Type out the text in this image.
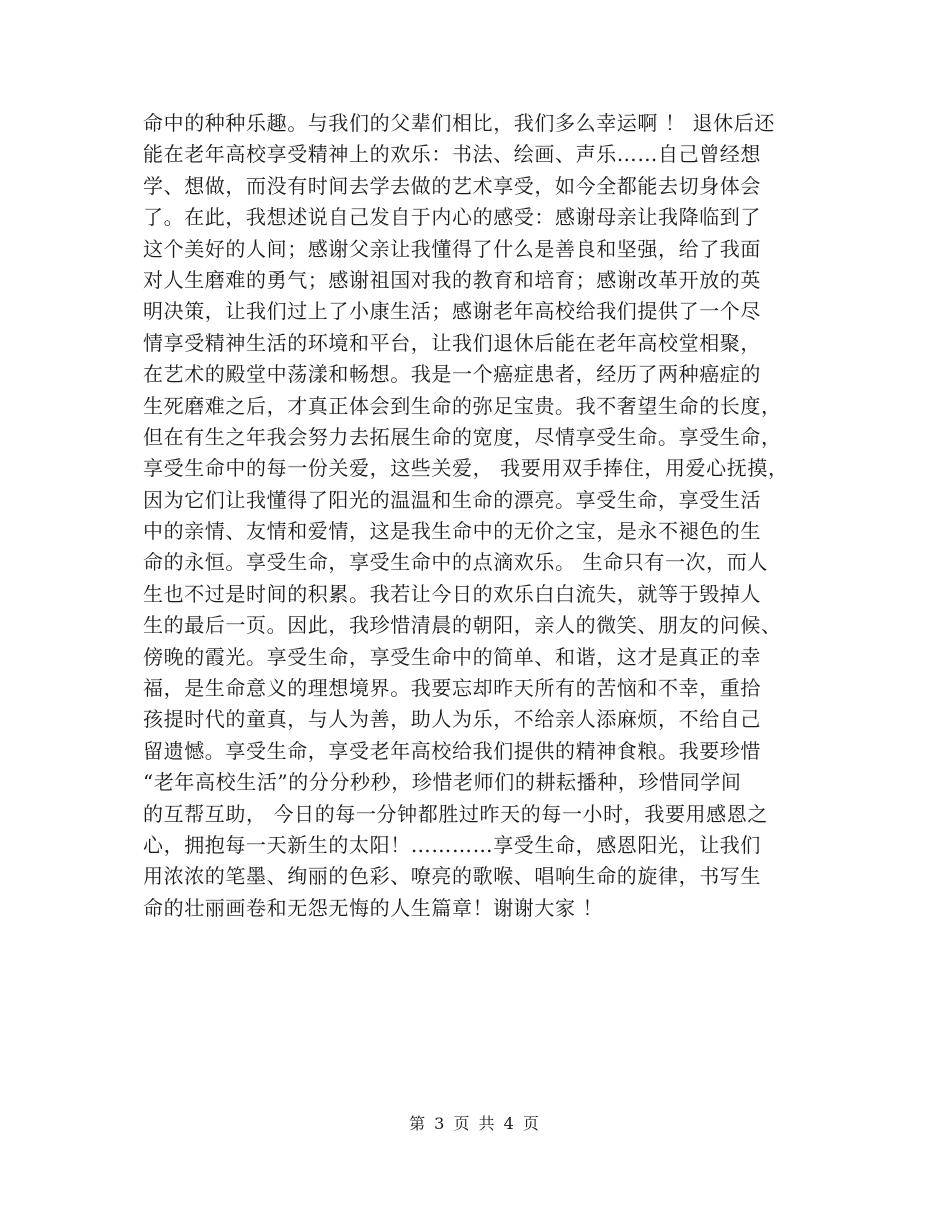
命中的种种乐趣。与我们的父辈们相比，我们多么幸运啊 ！ 退休后还
能在老年高校享受精神上的欢乐：书法、绘画、声乐……自己曾经想
学、想做，而没有时间去学去做的艺术享受，如今全都能去切身体会
了。在此，我想述说自己发自于内心的感受：感谢母亲让我降临到了
这个美好的人间；感谢父亲让我懂得了什么是善良和坚强，给了我面
对人生磨难的勇气；感谢祖国对我的教育和培育；感谢改革开放的英
明决策，让我们过上了小康生活；感谢老年高校给我们提供了一个尽
情享受精神生活的环境和平台，让我们退休后能在老年高校堂相聚，
在艺术的殿堂中荡漾和畅想。我是一个癌症患者，经历了两种癌症的
生死磨难之后，才真正体会到生命的弥足宝贵。我不奢望生命的长度，
但在有生之年我会努力去拓展生命的宽度，尽情享受生命。享受生命，
享受生命中的每一份关爱，这些关爱， 我要用双手捧住，用爱心抚摸，
因为它们让我懂得了阳光的温温和生命的漂亮。享受生命，享受生活
中的亲情、友情和爱情，这是我生命中的无价之宝，是永不褪色的生
命的永恒。享受生命，享受生命中的点滴欢乐。 生命只有一次，而人
生也不过是时间的积累。我若让今日的欢乐白白流失，就等于毁掉人
生的最后一页。因此，我珍惜清晨的朝阳，亲人的微笑、朋友的问候、
傍晚的霞光。享受生命，享受生命中的简单、和谐，这才是真正的幸
福，是生命意义的理想境界。我要忘却昨天所有的苦恼和不幸，重拾
孩提时代的童真，与人为善，助人为乐，不给亲人添麻烦，不给自己
留遗憾。享受生命，享受老年高校给我们提供的精神食粮。我要珍惜
“老年高校生活”的分分秒秒，珍惜老师们的耕耘播种，珍惜同学间
的互帮互助， 今日的每一分钟都胜过昨天的每一小时，我要用感恩之
心，拥抱每一天新生的太阳！…………享受生命，感恩阳光，让我们
用浓浓的笔墨、绚丽的色彩、嘹亮的歌喉、唱响生命的旋律，书写生
命的壮丽画卷和无怨无悔的人生篇章！谢谢大家 ！
第 3 页 共 4 页
